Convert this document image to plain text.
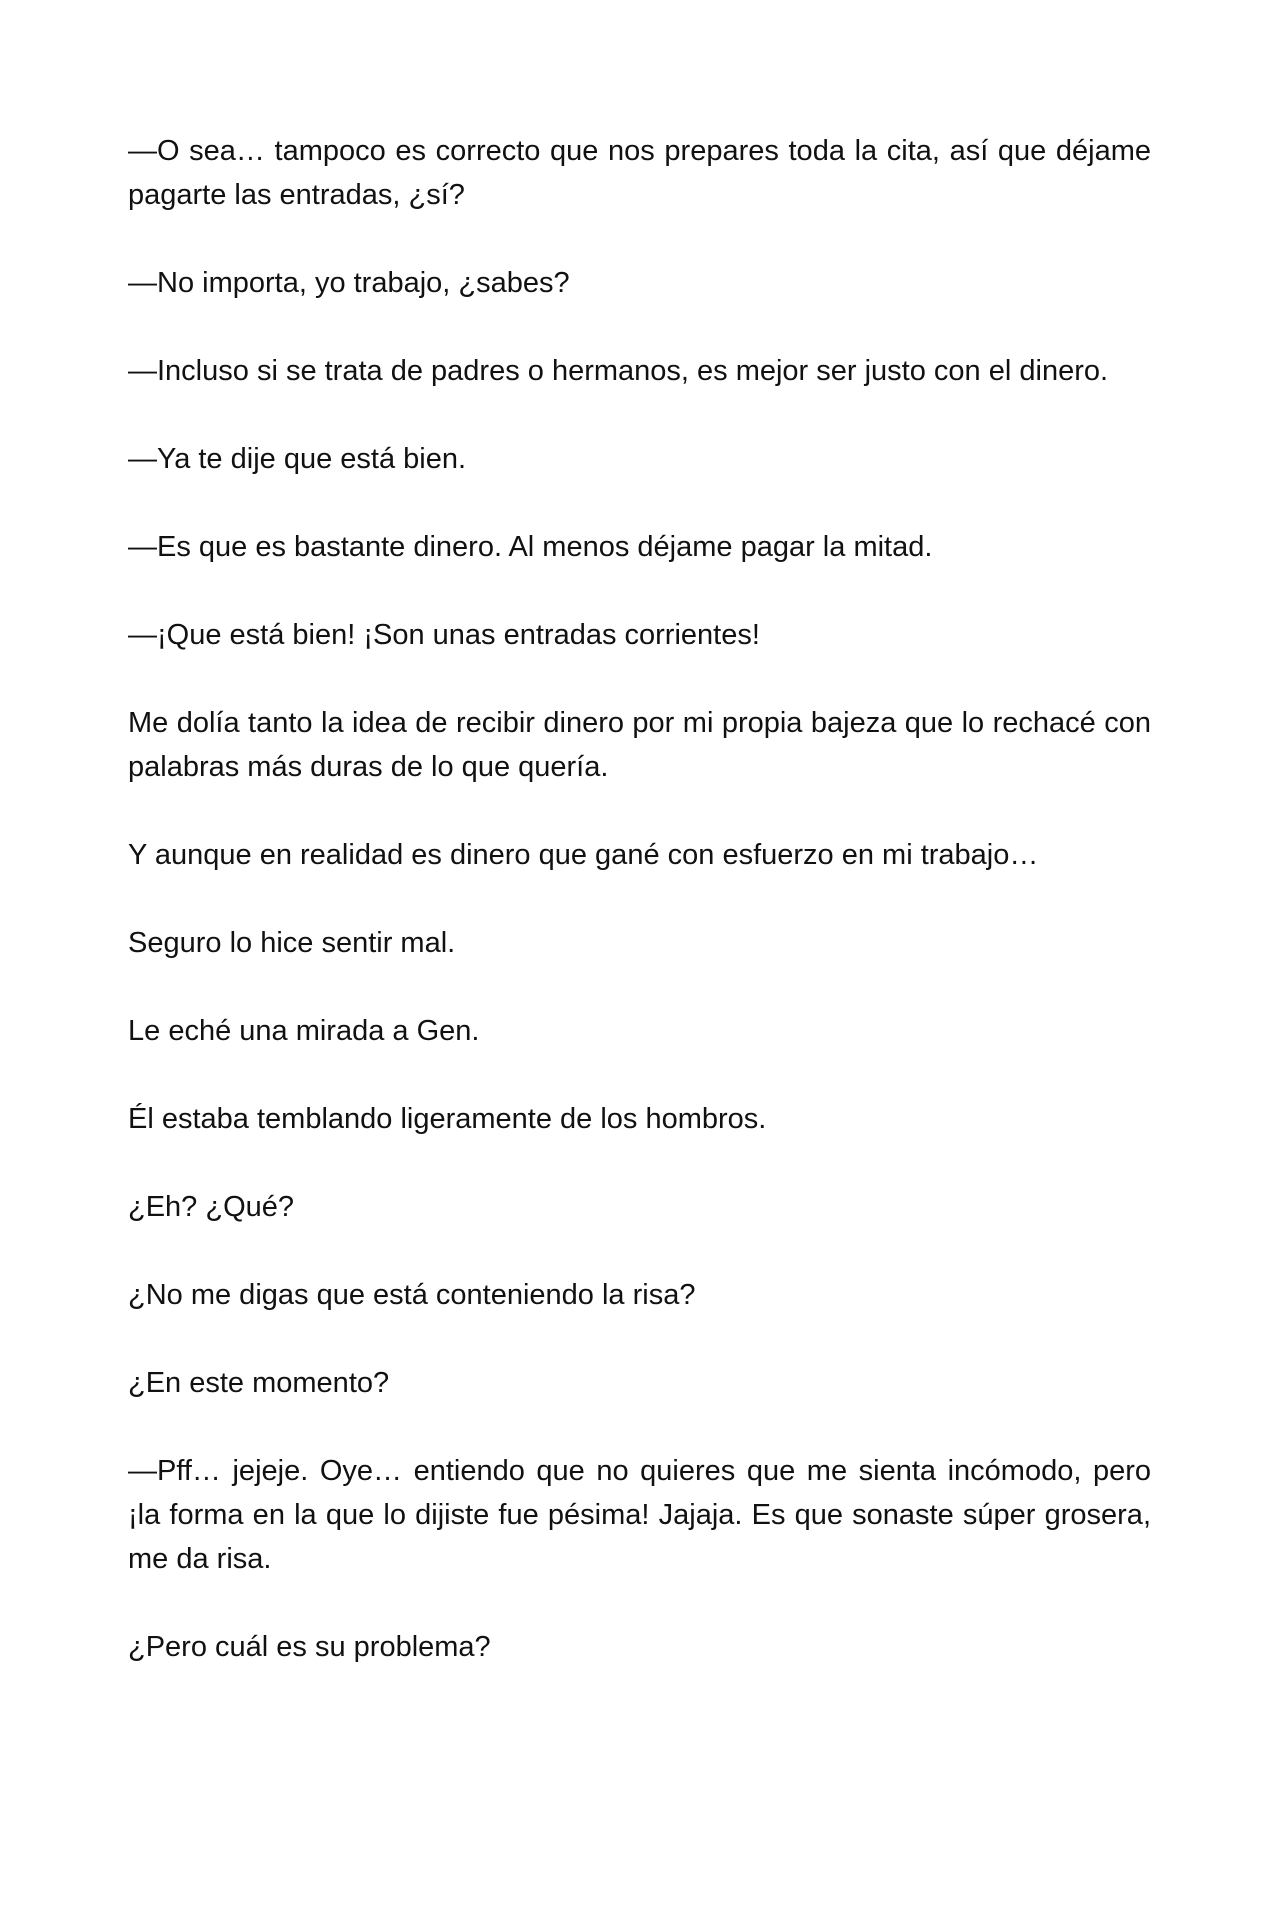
—O sea… tampoco es correcto que nos prepares toda la cita, así que déjame pagarte las entradas, ¿sí?

—No importa, yo trabajo, ¿sabes?

—Incluso si se trata de padres o hermanos, es mejor ser justo con el dinero.

—Ya te dije que está bien.

—Es que es bastante dinero. Al menos déjame pagar la mitad.

—¡Que está bien! ¡Son unas entradas corrientes!

Me dolía tanto la idea de recibir dinero por mi propia bajeza que lo rechacé con palabras más duras de lo que quería.

Y aunque en realidad es dinero que gané con esfuerzo en mi trabajo…

Seguro lo hice sentir mal.

Le eché una mirada a Gen.

Él estaba temblando ligeramente de los hombros.

¿Eh? ¿Qué?

¿No me digas que está conteniendo la risa?

¿En este momento?

—Pff… jejeje. Oye… entiendo que no quieres que me sienta incómodo, pero ¡la forma en la que lo dijiste fue pésima! Jajaja. Es que sonaste súper grosera, me da risa.

¿Pero cuál es su problema?
